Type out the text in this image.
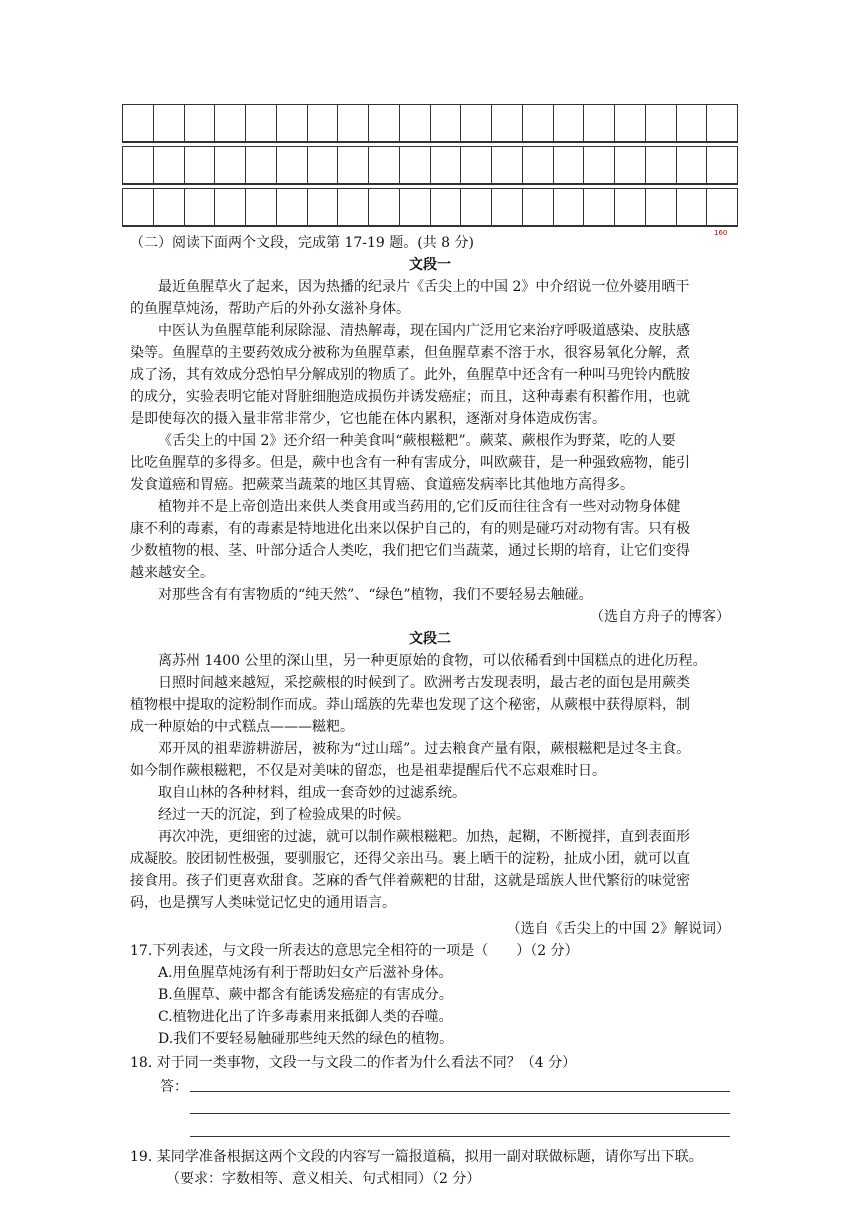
160
（二）阅读下面两个文段，完成第 17-19 题。(共 8 分)
文段一
最近鱼腥草火了起来，因为热播的纪录片《舌尖上的中国 2》中介绍说一位外婆用晒干
的鱼腥草炖汤，帮助产后的外孙女滋补身体。
中医认为鱼腥草能利尿除湿、清热解毒，现在国内广泛用它来治疗呼吸道感染、皮肤感
染等。鱼腥草的主要药效成分被称为鱼腥草素，但鱼腥草素不溶于水，很容易氧化分解，煮
成了汤，其有效成分恐怕早分解成别的物质了。此外，鱼腥草中还含有一种叫马兜铃内酰胺
的成分，实验表明它能对肾脏细胞造成损伤并诱发癌症；而且，这种毒素有积蓄作用，也就
是即使每次的摄入量非常非常少，它也能在体内累积，逐渐对身体造成伤害。
《舌尖上的中国 2》还介绍一种美食叫“蕨根糍粑”。蕨菜、蕨根作为野菜，吃的人要
比吃鱼腥草的多得多。但是，蕨中也含有一种有害成分，叫欧蕨苷，是一种强致癌物，能引
发食道癌和胃癌。把蕨菜当蔬菜的地区其胃癌、食道癌发病率比其他地方高得多。
植物并不是上帝创造出来供人类食用或当药用的,它们反而往往含有一些对动物身体健
康不利的毒素，有的毒素是特地进化出来以保护自己的，有的则是碰巧对动物有害。只有极
少数植物的根、茎、叶部分适合人类吃，我们把它们当蔬菜，通过长期的培育，让它们变得
越来越安全。
对那些含有有害物质的“纯天然”、“绿色”植物，我们不要轻易去触碰。
（选自方舟子的博客）
文段二
离苏州 1400 公里的深山里，另一种更原始的食物，可以依稀看到中国糕点的进化历程。
日照时间越来越短，采挖蕨根的时候到了。欧洲考古发现表明，最古老的面包是用蕨类
植物根中提取的淀粉制作而成。莽山瑶族的先辈也发现了这个秘密，从蕨根中获得原料，制
成一种原始的中式糕点———糍粑。
邓开凤的祖辈游耕游居，被称为“过山瑶”。过去粮食产量有限，蕨根糍粑是过冬主食。
如今制作蕨根糍粑，不仅是对美味的留恋，也是祖辈提醒后代不忘艰难时日。
取自山林的各种材料，组成一套奇妙的过滤系统。
经过一天的沉淀，到了检验成果的时候。
再次冲洗，更细密的过滤，就可以制作蕨根糍粑。加热，起糊，不断搅拌，直到表面形
成凝胶。胶团韧性极强，要驯服它，还得父亲出马。裹上晒干的淀粉，扯成小团，就可以直
接食用。孩子们更喜欢甜食。芝麻的香气伴着蕨粑的甘甜，这就是瑶族人世代繁衍的味觉密
码，也是撰写人类味觉记忆史的通用语言。
（选自《舌尖上的中国 2》解说词）
17.下列表述，与文段一所表达的意思完全相符的一项是（　　）（2 分）
A.用鱼腥草炖汤有利于帮助妇女产后滋补身体。
B.鱼腥草、蕨中都含有能诱发癌症的有害成分。
C.植物进化出了许多毒素用来抵御人类的吞噬。
D.我们不要轻易触碰那些纯天然的绿色的植物。
18. 对于同一类事物，文段一与文段二的作者为什么看法不同？（4 分）
答：
19. 某同学准备根据这两个文段的内容写一篇报道稿，拟用一副对联做标题，请你写出下联。
（要求：字数相等、意义相关、句式相同）（2 分）
